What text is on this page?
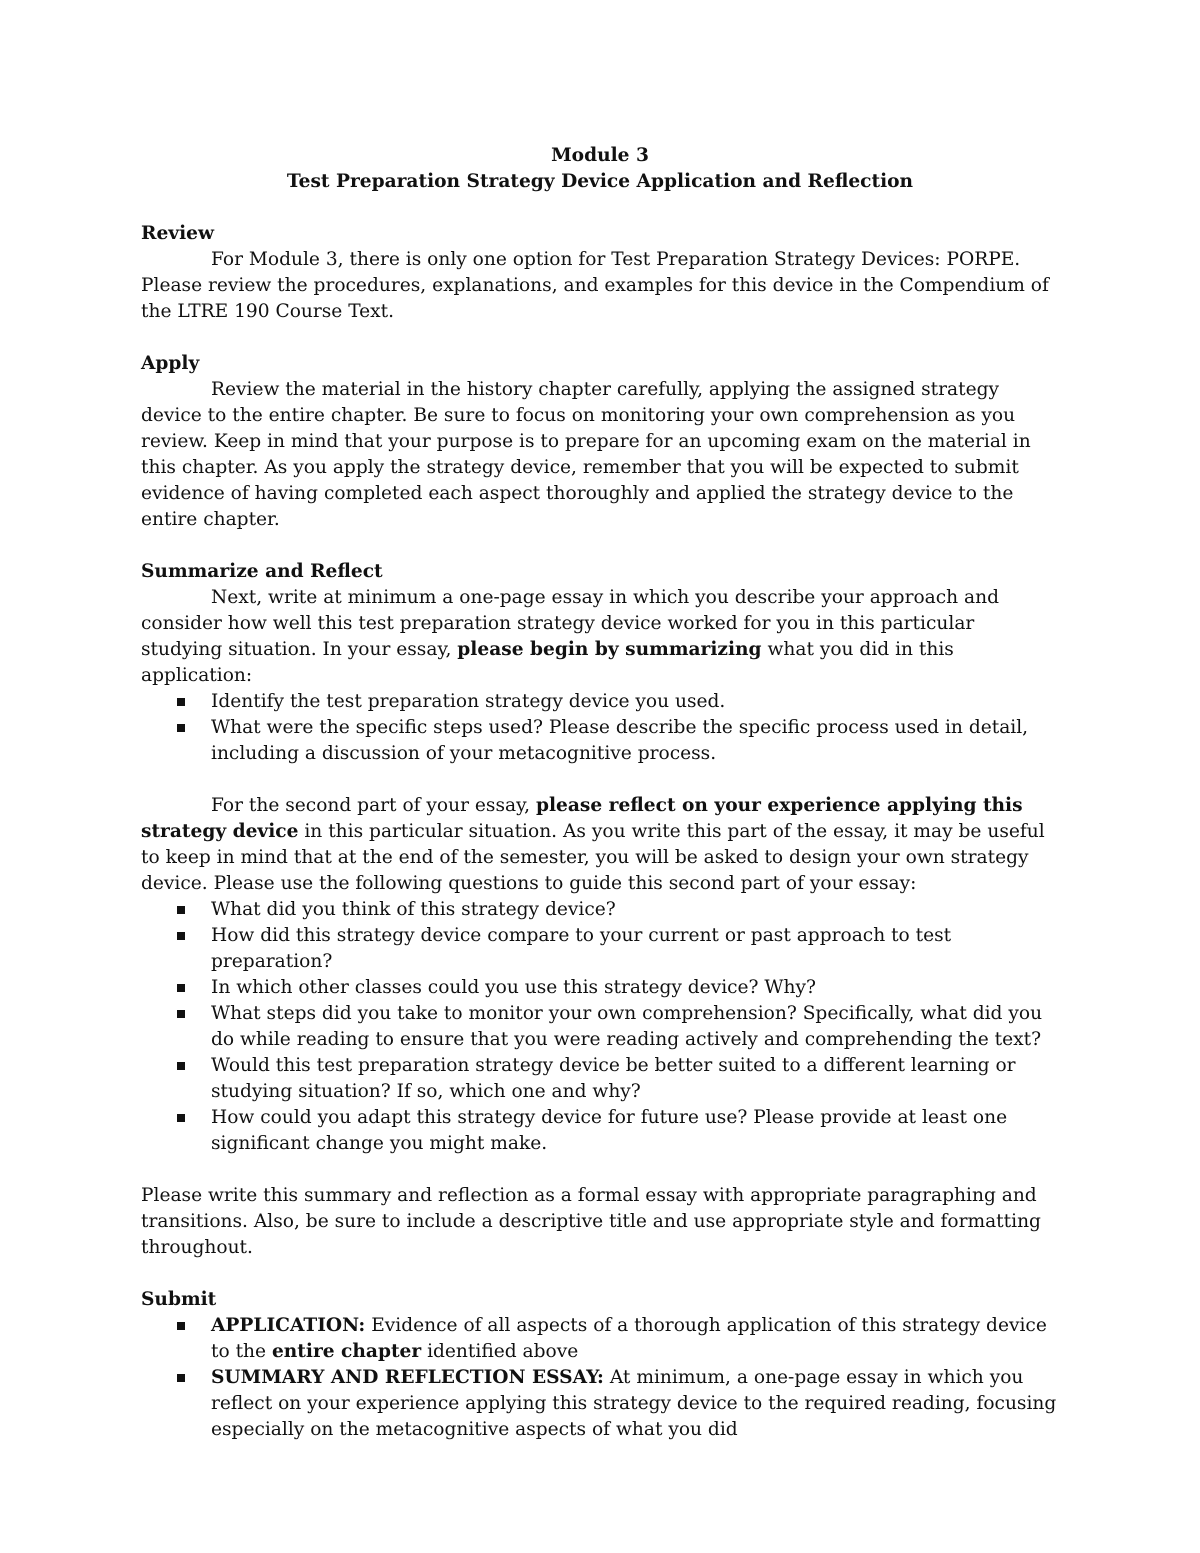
Module 3
Test Preparation Strategy Device Application and Reflection
Review
For Module 3, there is only one option for Test Preparation Strategy Devices: PORPE. Please review the procedures, explanations, and examples for this device in the Compendium of the LTRE 190 Course Text.
Apply
Review the material in the history chapter carefully, applying the assigned strategy device to the entire chapter. Be sure to focus on monitoring your own comprehension as you review. Keep in mind that your purpose is to prepare for an upcoming exam on the material in this chapter. As you apply the strategy device, remember that you will be expected to submit evidence of having completed each aspect thoroughly and applied the strategy device to the entire chapter.
Summarize and Reflect
Next, write at minimum a one-page essay in which you describe your approach and consider how well this test preparation strategy device worked for you in this particular studying situation. In your essay, please begin by summarizing what you did in this application:
Identify the test preparation strategy device you used.
What were the specific steps used? Please describe the specific process used in detail, including a discussion of your metacognitive process.
For the second part of your essay, please reflect on your experience applying this strategy device in this particular situation. As you write this part of the essay, it may be useful to keep in mind that at the end of the semester, you will be asked to design your own strategy device. Please use the following questions to guide this second part of your essay:
What did you think of this strategy device?
How did this strategy device compare to your current or past approach to test preparation?
In which other classes could you use this strategy device? Why?
What steps did you take to monitor your own comprehension? Specifically, what did you do while reading to ensure that you were reading actively and comprehending the text?
Would this test preparation strategy device be better suited to a different learning or studying situation? If so, which one and why?
How could you adapt this strategy device for future use? Please provide at least one significant change you might make.
Please write this summary and reflection as a formal essay with appropriate paragraphing and transitions. Also, be sure to include a descriptive title and use appropriate style and formatting throughout.
Submit
APPLICATION: Evidence of all aspects of a thorough application of this strategy device to the entire chapter identified above
SUMMARY AND REFLECTION ESSAY: At minimum, a one-page essay in which you reflect on your experience applying this strategy device to the required reading, focusing especially on the metacognitive aspects of what you did
